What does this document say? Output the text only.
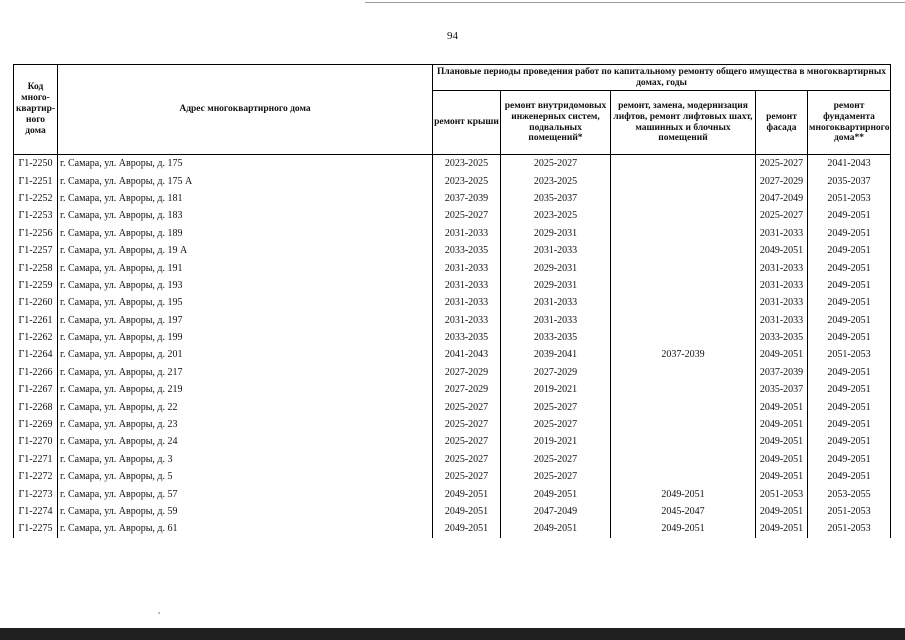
94
Код много-квартир-ного дома	Адрес многоквартирного дома	Плановые периоды проведения работ по капитальному ремонту общего имущества в многоквартирных домах, годы				
		ремонт крыши	ремонт внутридомовых инженерных систем, подвальных помещений*	ремонт, замена, модернизация лифтов, ремонт лифтовых шахт, машинных и блочных помещений	ремонт фасада	ремонт фундамента многоквартирного дома**
Г1-2250	г. Самара, ул. Авроры, д. 175	2023-2025	2025-2027		2025-2027	2041-2043
Г1-2251	г. Самара, ул. Авроры, д. 175 А	2023-2025	2023-2025		2027-2029	2035-2037
Г1-2252	г. Самара, ул. Авроры, д. 181	2037-2039	2035-2037		2047-2049	2051-2053
Г1-2253	г. Самара, ул. Авроры, д. 183	2025-2027	2023-2025		2025-2027	2049-2051
Г1-2256	г. Самара, ул. Авроры, д. 189	2031-2033	2029-2031		2031-2033	2049-2051
Г1-2257	г. Самара, ул. Авроры, д. 19 А	2033-2035	2031-2033		2049-2051	2049-2051
Г1-2258	г. Самара, ул. Авроры, д. 191	2031-2033	2029-2031		2031-2033	2049-2051
Г1-2259	г. Самара, ул. Авроры, д. 193	2031-2033	2029-2031		2031-2033	2049-2051
Г1-2260	г. Самара, ул. Авроры, д. 195	2031-2033	2031-2033		2031-2033	2049-2051
Г1-2261	г. Самара, ул. Авроры, д. 197	2031-2033	2031-2033		2031-2033	2049-2051
Г1-2262	г. Самара, ул. Авроры, д. 199	2033-2035	2033-2035		2033-2035	2049-2051
Г1-2264	г. Самара, ул. Авроры, д. 201	2041-2043	2039-2041	2037-2039	2049-2051	2051-2053
Г1-2266	г. Самара, ул. Авроры, д. 217	2027-2029	2027-2029		2037-2039	2049-2051
Г1-2267	г. Самара, ул. Авроры, д. 219	2027-2029	2019-2021		2035-2037	2049-2051
Г1-2268	г. Самара, ул. Авроры, д. 22	2025-2027	2025-2027		2049-2051	2049-2051
Г1-2269	г. Самара, ул. Авроры, д. 23	2025-2027	2025-2027		2049-2051	2049-2051
Г1-2270	г. Самара, ул. Авроры, д. 24	2025-2027	2019-2021		2049-2051	2049-2051
Г1-2271	г. Самара, ул. Авроры, д. 3	2025-2027	2025-2027		2049-2051	2049-2051
Г1-2272	г. Самара, ул. Авроры, д. 5	2025-2027	2025-2027		2049-2051	2049-2051
Г1-2273	г. Самара, ул. Авроры, д. 57	2049-2051	2049-2051	2049-2051	2051-2053	2053-2055
Г1-2274	г. Самара, ул. Авроры, д. 59	2049-2051	2047-2049	2045-2047	2049-2051	2051-2053
Г1-2275	г. Самара, ул. Авроры, д. 61	2049-2051	2049-2051	2049-2051	2049-2051	2051-2053
,
